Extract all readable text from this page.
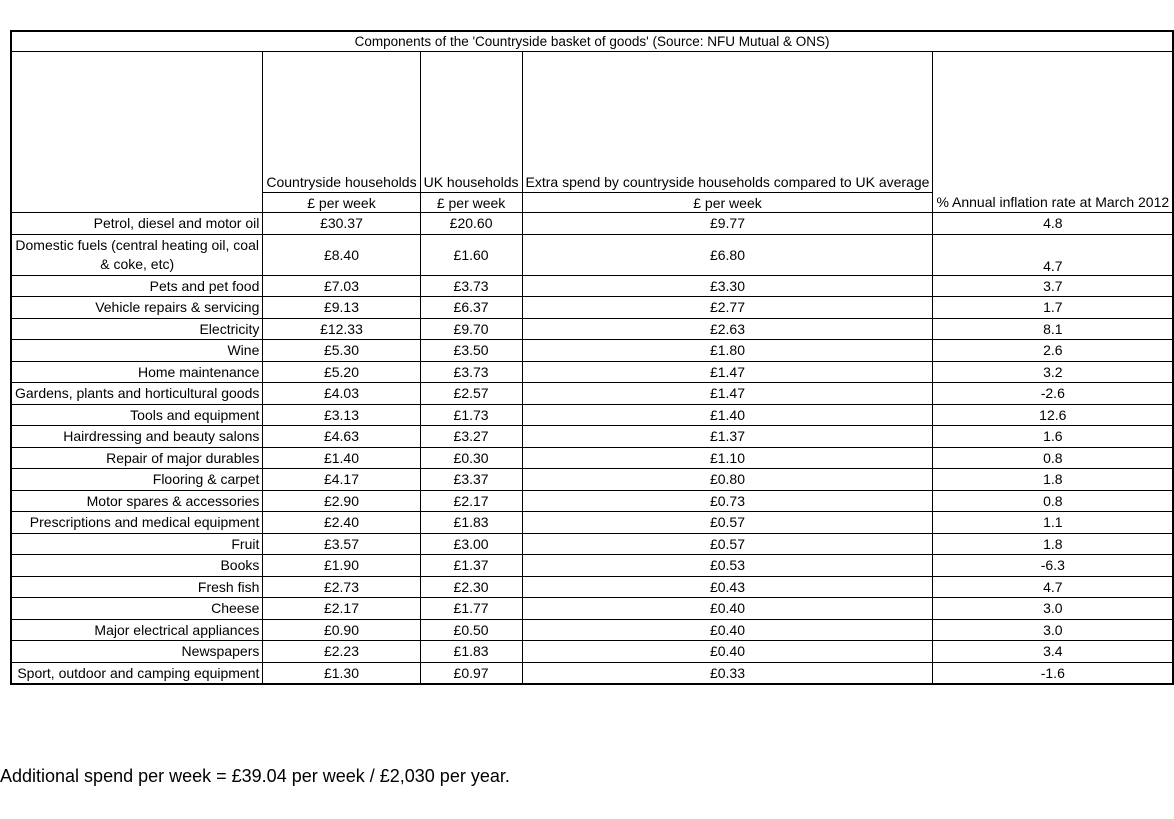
Components of the 'Countryside basket of goods' (Source: NFU Mutual & ONS)				
	Countryside households	UK households	Extra spend by countryside households compared to UK average	% Annual inflation rate at March 2012
	£ per week	£ per week	£ per week	
Petrol, diesel and motor oil	£30.37	£20.60	£9.77	4.8
Domestic fuels (central heating oil, coal & coke, etc)	£8.40	£1.60	£6.80	4.7
Pets and pet food	£7.03	£3.73	£3.30	3.7
Vehicle repairs & servicing	£9.13	£6.37	£2.77	1.7
Electricity	£12.33	£9.70	£2.63	8.1
Wine	£5.30	£3.50	£1.80	2.6
Home maintenance	£5.20	£3.73	£1.47	3.2
Gardens, plants and horticultural goods	£4.03	£2.57	£1.47	-2.6
Tools and equipment	£3.13	£1.73	£1.40	12.6
Hairdressing and beauty salons	£4.63	£3.27	£1.37	1.6
Repair of major durables	£1.40	£0.30	£1.10	0.8
Flooring & carpet	£4.17	£3.37	£0.80	1.8
Motor spares & accessories	£2.90	£2.17	£0.73	0.8
Prescriptions and medical equipment	£2.40	£1.83	£0.57	1.1
Fruit	£3.57	£3.00	£0.57	1.8
Books	£1.90	£1.37	£0.53	-6.3
Fresh fish	£2.73	£2.30	£0.43	4.7
Cheese	£2.17	£1.77	£0.40	3.0
Major electrical appliances	£0.90	£0.50	£0.40	3.0
Newspapers	£2.23	£1.83	£0.40	3.4
Sport, outdoor and camping equipment	£1.30	£0.97	£0.33	-1.6
Additional spend per week = £39.04 per week / £2,030 per year.
